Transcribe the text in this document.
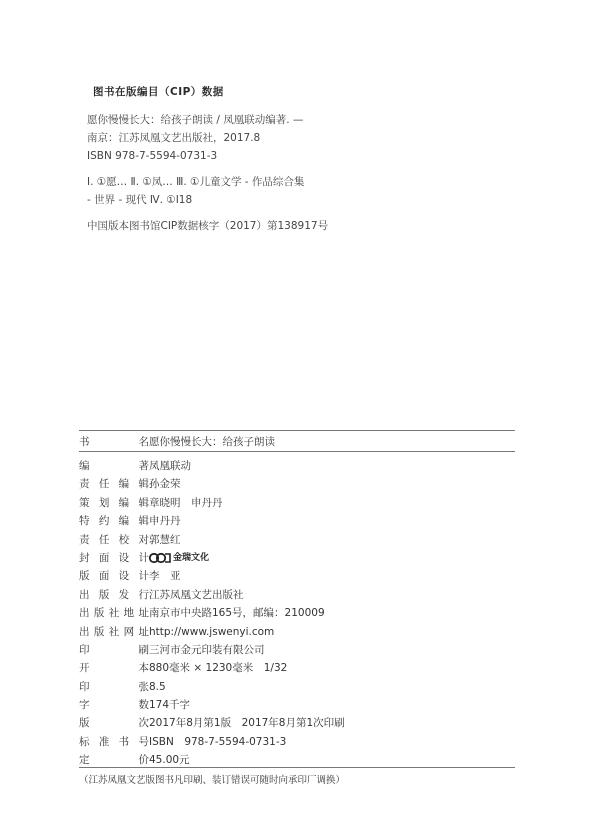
图书在版编目（CIP）数据
愿你慢慢长大：给孩子朗读 / 凤凰联动编著. —
南京：江苏凤凰文艺出版社，2017.8
ISBN 978-7-5594-0731-3
Ⅰ. ①愿… Ⅱ. ①凤… Ⅲ. ①儿童文学 - 作品综合集
- 世界 - 现代 Ⅳ. ①I18
中国版本图书馆CIP数据核字（2017）第138917号
书名愿你慢慢长大：给孩子朗读
编著凤凰联动
责任编辑孙金荣
策划编辑章晓明　申丹丹
特约编辑申丹丹
责任校对郭慧红
封面设计	金瑞文化
版面设计李　亚
出版发行江苏凤凰文艺出版社
出版社地址南京市中央路165号，邮编：210009
出版社网址http://www.jswenyi.com
印刷三河市金元印装有限公司
开本880毫米 × 1230毫米　1/32
印张8.5
字数174千字
版次2017年8月第1版　2017年8月第1次印刷
标准书号ISBN　978-7-5594-0731-3
定价45.00元
（江苏凤凰文艺版图书凡印刷、装订错误可随时向承印厂调换）
